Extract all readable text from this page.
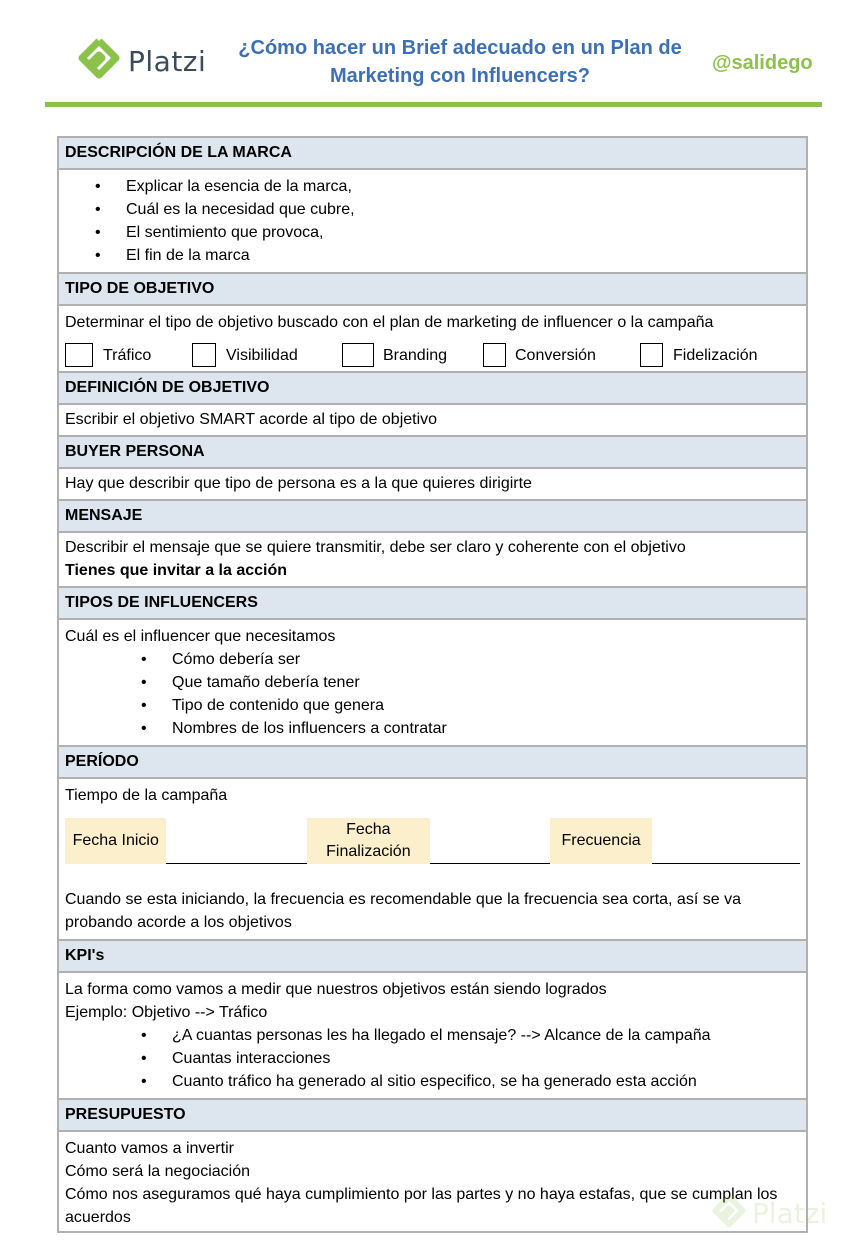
Platzi ¿Cómo hacer un Brief adecuado en un Plan de Marketing con Influencers?
@salidego
DESCRIPCIÓN DE LA MARCA
• Explicar la esencia de la marca,
• Cuál es la necesidad que cubre,
• El sentimiento que provoca,
• El fin de la marca
TIPO DE OBJETIVO
Determinar el tipo de objetivo buscado con el plan de marketing de influencer o la campaña
Tráfico	Visibilidad	Branding	Conversión	Fidelización
DEFINICIÓN DE OBJETIVO
Escribir el objetivo SMART acorde al tipo de objetivo
BUYER PERSONA
Hay que describir que tipo de persona es a la que quieres dirigirte
MENSAJE
Describir el mensaje que se quiere transmitir, debe ser claro y coherente con el objetivo
Tienes que invitar a la acción
TIPOS DE INFLUENCERS
Cuál es el influencer que necesitamos
• Cómo debería ser
• Que tamaño debería tener
• Tipo de contenido que genera
• Nombres de los influencers a contratar
PERÍODO
Tiempo de la campaña
Fecha Inicio
Fecha Finalización
Frecuencia
Cuando se esta iniciando, la frecuencia es recomendable que la frecuencia sea corta, así se va probando acorde a los objetivos
KPI's
La forma como vamos a medir que nuestros objetivos están siendo logrados
Ejemplo: Objetivo --> Tráfico
• ¿A cuantas personas les ha llegado el mensaje? --> Alcance de la campaña
• Cuantas interacciones
• Cuanto tráfico ha generado al sitio especifico, se ha generado esta acción
PRESUPUESTO
Cuanto vamos a invertir
Cómo será la negociación
Cómo nos aseguramos qué haya cumplimiento por las partes y no haya estafas, que se cumplan los acuerdos	Platzi
